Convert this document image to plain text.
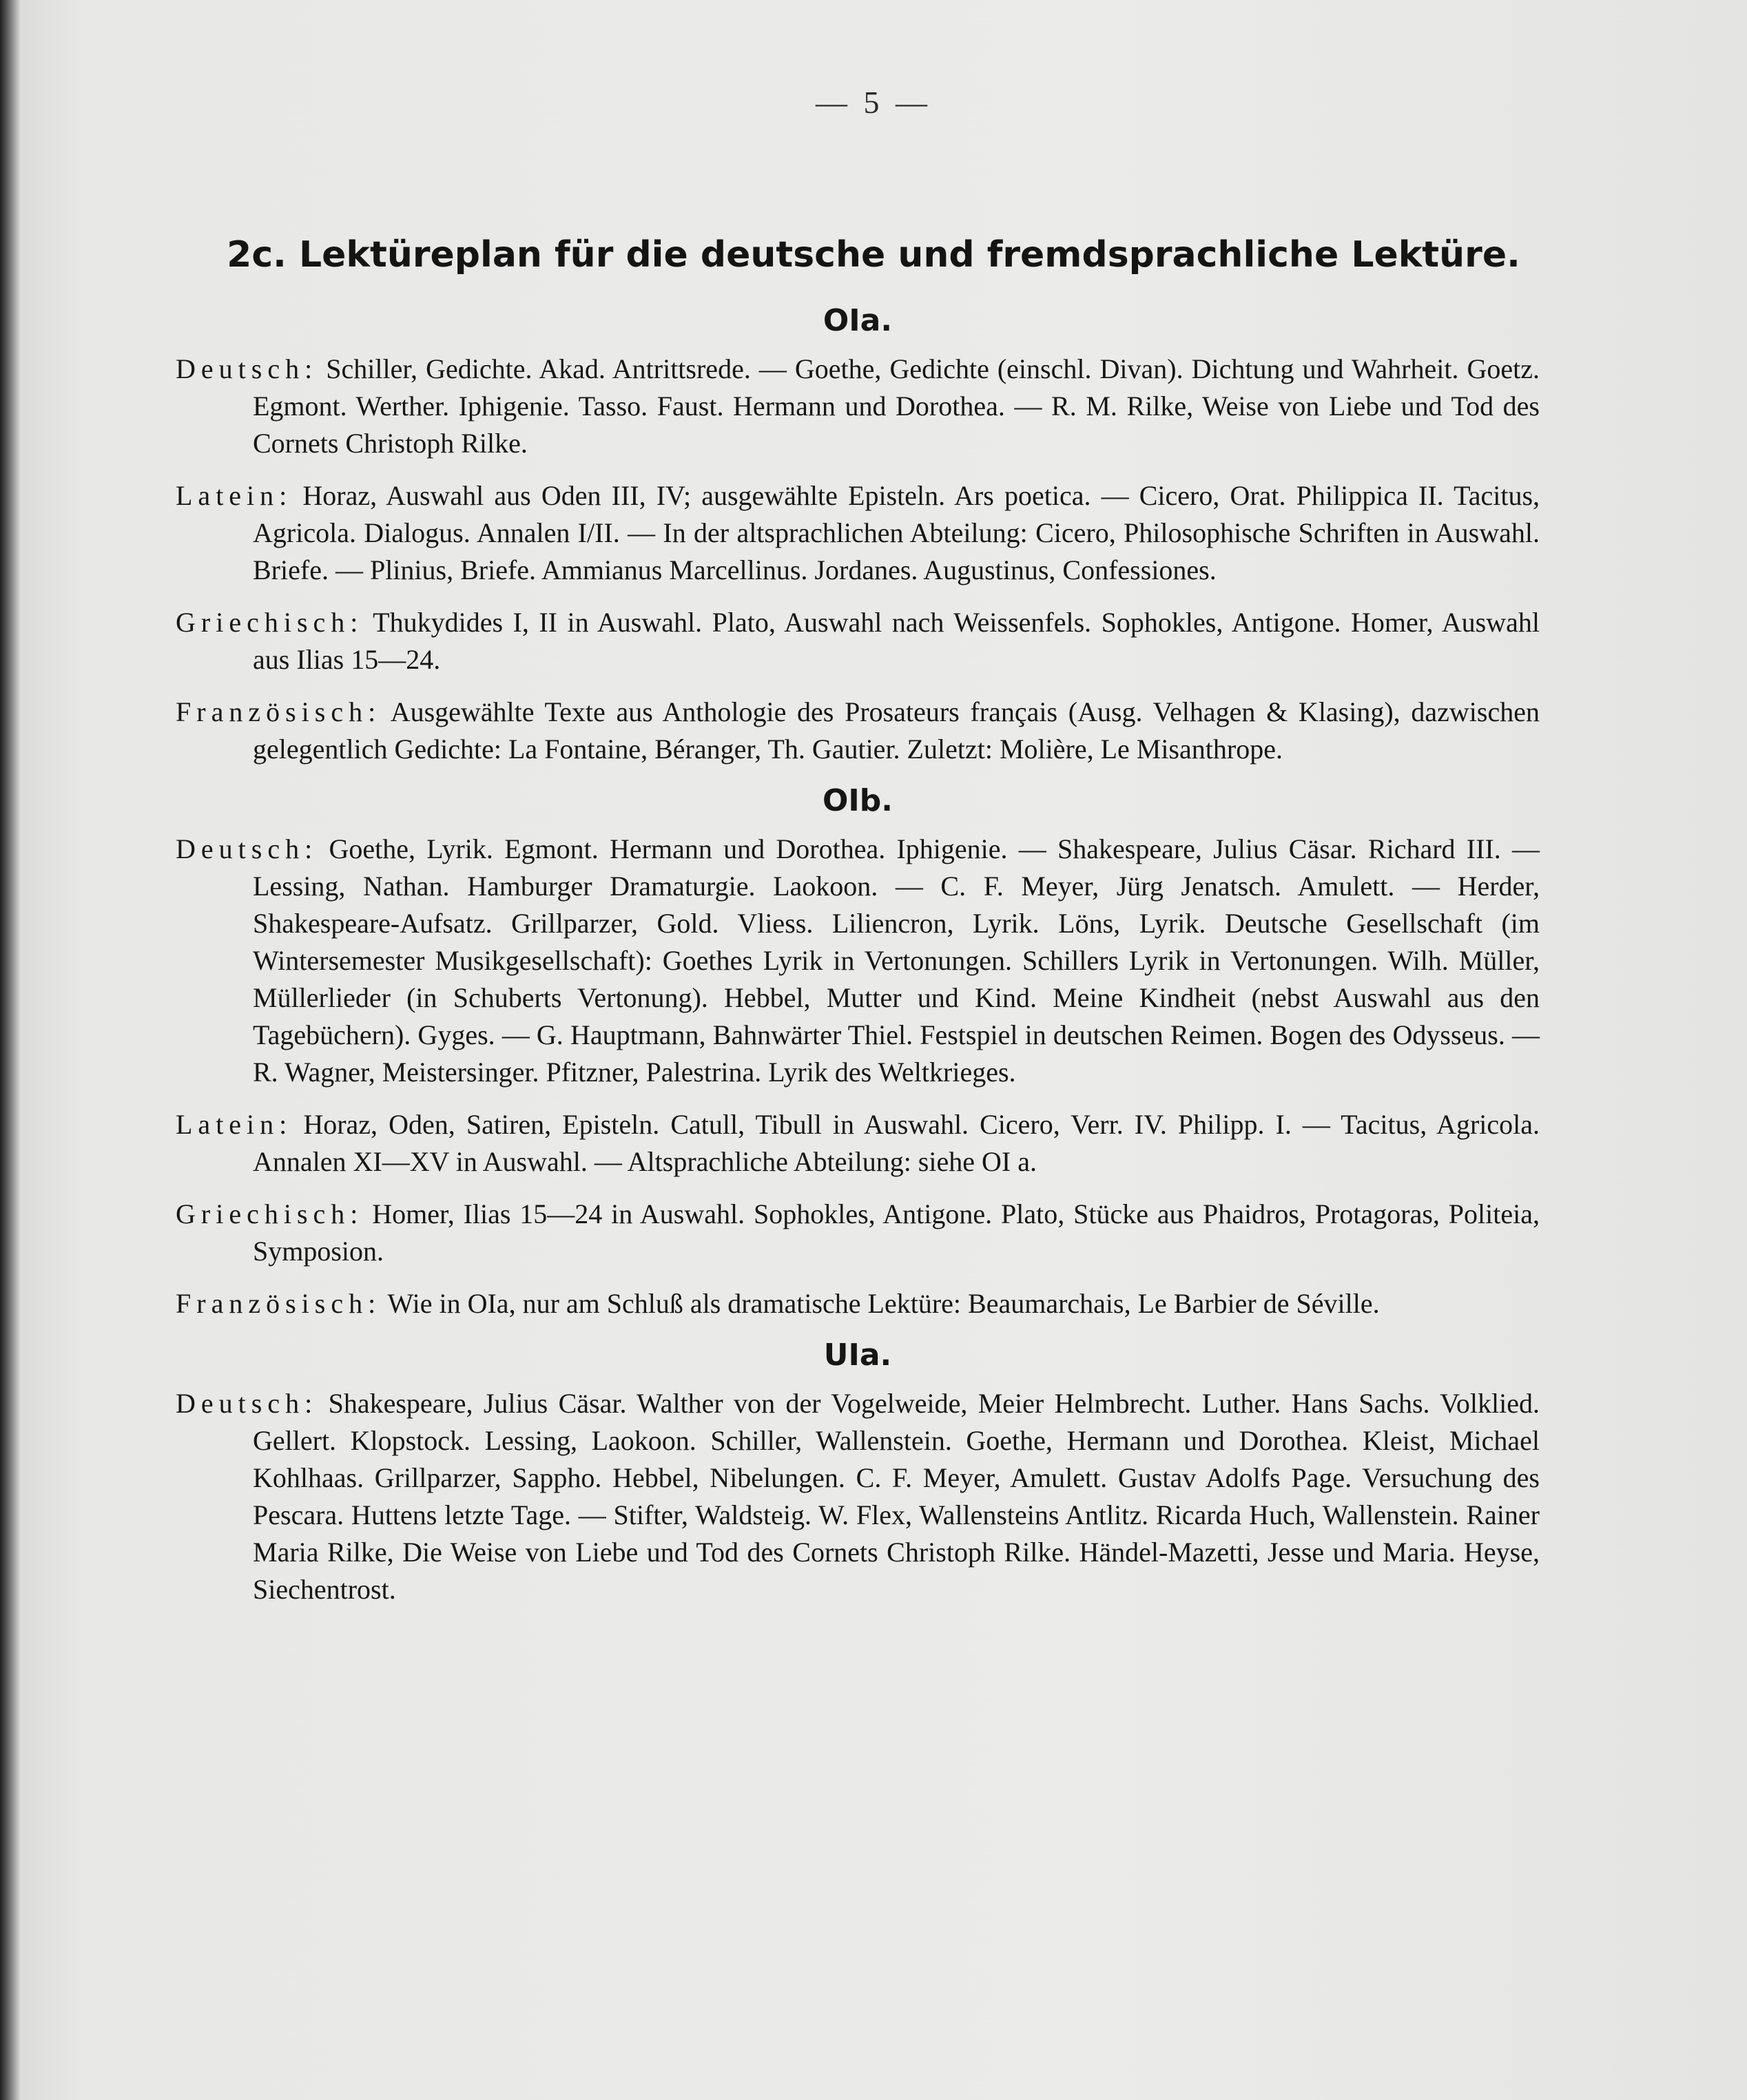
— 5 —
2c. Lektüreplan für die deutsche und fremdsprachliche Lektüre.
OIa.

Deutsch: Schiller, Gedichte. Akad. Antrittsrede. — Goethe, Gedichte (einschl. Divan). Dichtung und Wahrheit. Goetz. Egmont. Werther. Iphigenie. Tasso. Faust. Hermann und Dorothea. — R. M. Rilke, Weise von Liebe und Tod des Cornets Christoph Rilke.

Latein: Horaz, Auswahl aus Oden III, IV; ausgewählte Episteln. Ars poetica. — Cicero, Orat. Philippica II. Tacitus, Agricola. Dialogus. Annalen I/II. — In der altsprachlichen Abteilung: Cicero, Philosophische Schriften in Auswahl. Briefe. — Plinius, Briefe. Ammianus Marcellinus. Jordanes. Augustinus, Confessiones.

Griechisch: Thukydides I, II in Auswahl. Plato, Auswahl nach Weissenfels. Sophokles, Antigone. Homer, Auswahl aus Ilias 15—24.

Französisch: Ausgewählte Texte aus Anthologie des Prosateurs français (Ausg. Velhagen & Klasing), dazwischen gelegentlich Gedichte: La Fontaine, Béranger, Th. Gautier. Zuletzt: Molière, Le Misanthrope.

OIb.

Deutsch: Goethe, Lyrik. Egmont. Hermann und Dorothea. Iphigenie. — Shakespeare, Julius Cäsar. Richard III. — Lessing, Nathan. Hamburger Dramaturgie. Laokoon. — C. F. Meyer, Jürg Jenatsch. Amulett. — Herder, Shakespeare-Aufsatz. Grillparzer, Gold. Vliess. Liliencron, Lyrik. Löns, Lyrik. Deutsche Gesellschaft (im Wintersemester Musikgesellschaft): Goethes Lyrik in Vertonungen. Schillers Lyrik in Vertonungen. Wilh. Müller, Müllerlieder (in Schuberts Vertonung). Hebbel, Mutter und Kind. Meine Kindheit (nebst Auswahl aus den Tagebüchern). Gyges. — G. Hauptmann, Bahnwärter Thiel. Festspiel in deutschen Reimen. Bogen des Odysseus. — R. Wagner, Meistersinger. Pfitzner, Palestrina. Lyrik des Weltkrieges.

Latein: Horaz, Oden, Satiren, Episteln. Catull, Tibull in Auswahl. Cicero, Verr. IV. Philipp. I. — Tacitus, Agricola. Annalen XI—XV in Auswahl. — Altsprachliche Abteilung: siehe OI a.

Griechisch: Homer, Ilias 15—24 in Auswahl. Sophokles, Antigone. Plato, Stücke aus Phaidros, Protagoras, Politeia, Symposion.

Französisch: Wie in OIa, nur am Schluß als dramatische Lektüre: Beaumarchais, Le Barbier de Séville.

UIa.

Deutsch: Shakespeare, Julius Cäsar. Walther von der Vogelweide, Meier Helmbrecht. Luther. Hans Sachs. Volklied. Gellert. Klopstock. Lessing, Laokoon. Schiller, Wallenstein. Goethe, Hermann und Dorothea. Kleist, Michael Kohlhaas. Grillparzer, Sappho. Hebbel, Nibelungen. C. F. Meyer, Amulett. Gustav Adolfs Page. Versuchung des Pescara. Huttens letzte Tage. — Stifter, Waldsteig. W. Flex, Wallensteins Antlitz. Ricarda Huch, Wallenstein. Rainer Maria Rilke, Die Weise von Liebe und Tod des Cornets Christoph Rilke. Händel-Mazetti, Jesse und Maria. Heyse, Siechentrost.
